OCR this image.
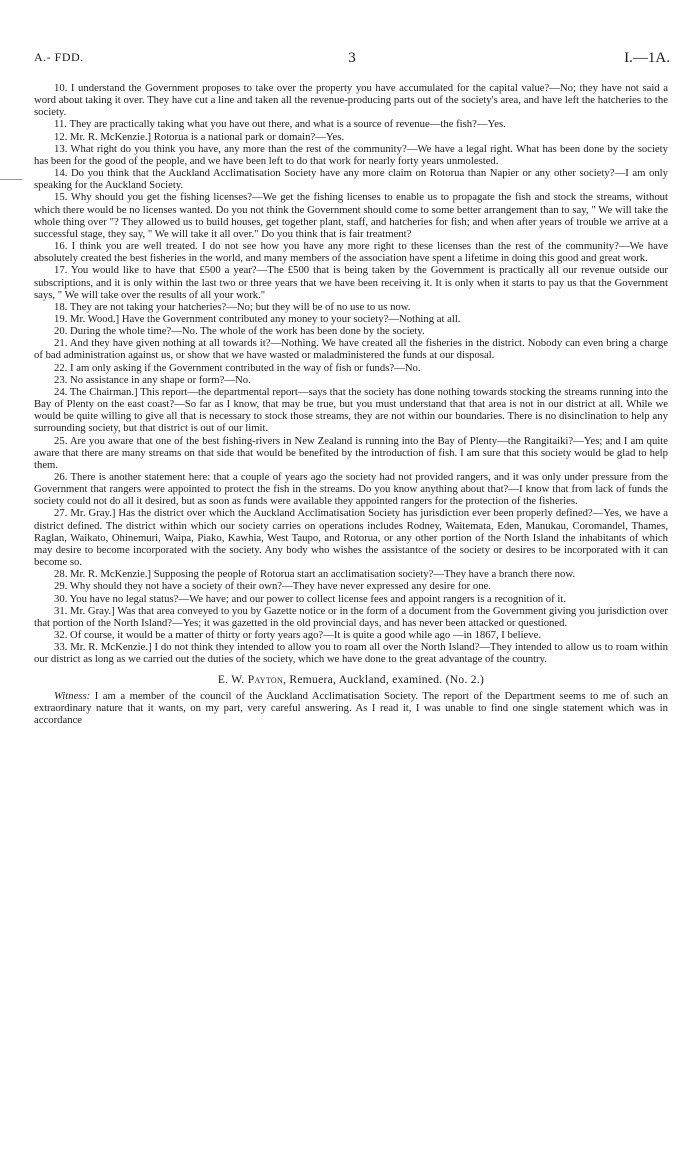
A.- FDD.	3	I.—1A.

10. I understand the Government proposes to take over the property you have accumulated for the capital value?—No; they have not said a word about taking it over. They have cut a line and taken all the revenue-producing parts out of the society's area, and have left the hatcheries to the society.

11. They are practically taking what you have out there, and what is a source of revenue—the fish?—Yes.

12. Mr. R. McKenzie.] Rotorua is a national park or domain?—Yes.

13. What right do you think you have, any more than the rest of the community?—We have a legal right. What has been done by the society has been for the good of the people, and we have been left to do that work for nearly forty years unmolested.

14. Do you think that the Auckland Acclimatisation Society have any more claim on Rotorua than Napier or any other society?—I am only speaking for the Auckland Society.

15. Why should you get the fishing licenses?—We get the fishing licenses to enable us to propagate the fish and stock the streams, without which there would be no licenses wanted. Do you not think the Government should come to some better arrangement than to say, " We will take the whole thing over "? They allowed us to build houses, get together plant, staff, and hatcheries for fish; and when after years of trouble we arrive at a successful stage, they say, " We will take it all over." Do you think that is fair treatment?

16. I think you are well treated. I do not see how you have any more right to these licenses than the rest of the community?—We have absolutely created the best fisheries in the world, and many members of the association have spent a lifetime in doing this good and great work.

17. You would like to have that £500 a year?—The £500 that is being taken by the Government is practically all our revenue outside our subscriptions, and it is only within the last two or three years that we have been receiving it. It is only when it starts to pay us that the Government says, " We will take over the results of all your work."

18. They are not taking your hatcheries?—No; but they will be of no use to us now.

19. Mr. Wood.] Have the Government contributed any money to your society?—Nothing at all.

20. During the whole time?—No. The whole of the work has been done by the society.

21. And they have given nothing at all towards it?—Nothing. We have created all the fisheries in the district. Nobody can even bring a charge of bad administration against us, or show that we have wasted or maladministered the funds at our disposal.

22. I am only asking if the Government contributed in the way of fish or funds?—No.

23. No assistance in any shape or form?—No.

24. The Chairman.] This report—the departmental report—says that the society has done nothing towards stocking the streams running into the Bay of Plenty on the east coast?—So far as I know, that may be true, but you must understand that that area is not in our district at all. While we would be quite willing to give all that is necessary to stock those streams, they are not within our boundaries. There is no disinclination to help any surrounding society, but that district is out of our limit.

25. Are you aware that one of the best fishing-rivers in New Zealand is running into the Bay of Plenty—the Rangitaiki?—Yes; and I am quite aware that there are many streams on that side that would be benefited by the introduction of fish. I am sure that this society would be glad to help them.

26. There is another statement here: that a couple of years ago the society had not provided rangers, and it was only under pressure from the Government that rangers were appointed to protect the fish in the streams. Do you know anything about that?—I know that from lack of funds the society could not do all it desired, but as soon as funds were available they appointed rangers for the protection of the fisheries.

27. Mr. Gray.] Has the district over which the Auckland Acclimatisation Society has jurisdiction ever been properly defined?—Yes, we have a district defined. The district within which our society carries on operations includes Rodney, Waitemata, Eden, Manukau, Coromandel, Thames, Raglan, Waikato, Ohinemuri, Waipa, Piako, Kawhia, West Taupo, and Rotorua, or any other portion of the North Island the inhabitants of which may desire to become incorporated with the society. Any body who wishes the assistantce of the society or desires to be incorporated with it can become so.

28. Mr. R. McKenzie.] Supposing the people of Rotorua start an acclimatisation society?—They have a branch there now.

29. Why should they not have a society of their own?—They have never expressed any desire for one.

30. You have no legal status?—We have; and our power to collect license fees and appoint rangers is a recognition of it.

31. Mr. Gray.] Was that area conveyed to you by Gazette notice or in the form of a document from the Government giving you jurisdiction over that portion of the North Island?—Yes; it was gazetted in the old provincial days, and has never been attacked or questioned.

32. Of course, it would be a matter of thirty or forty years ago?—It is quite a good while ago —in 1867, I believe.

33. Mr. R. McKenzie.] I do not think they intended to allow you to roam all over the North Island?—They intended to allow us to roam within our district as long as we carried out the duties of the society, which we have done to the great advantage of the country.

E. W. Payton, Remuera, Auckland, examined. (No. 2.)

Witness: I am a member of the council of the Auckland Acclimatisation Society. The report of the Department seems to me of such an extraordinary nature that it wants, on my part, very careful answering. As I read it, I was unable to find one single statement which was in accordance
